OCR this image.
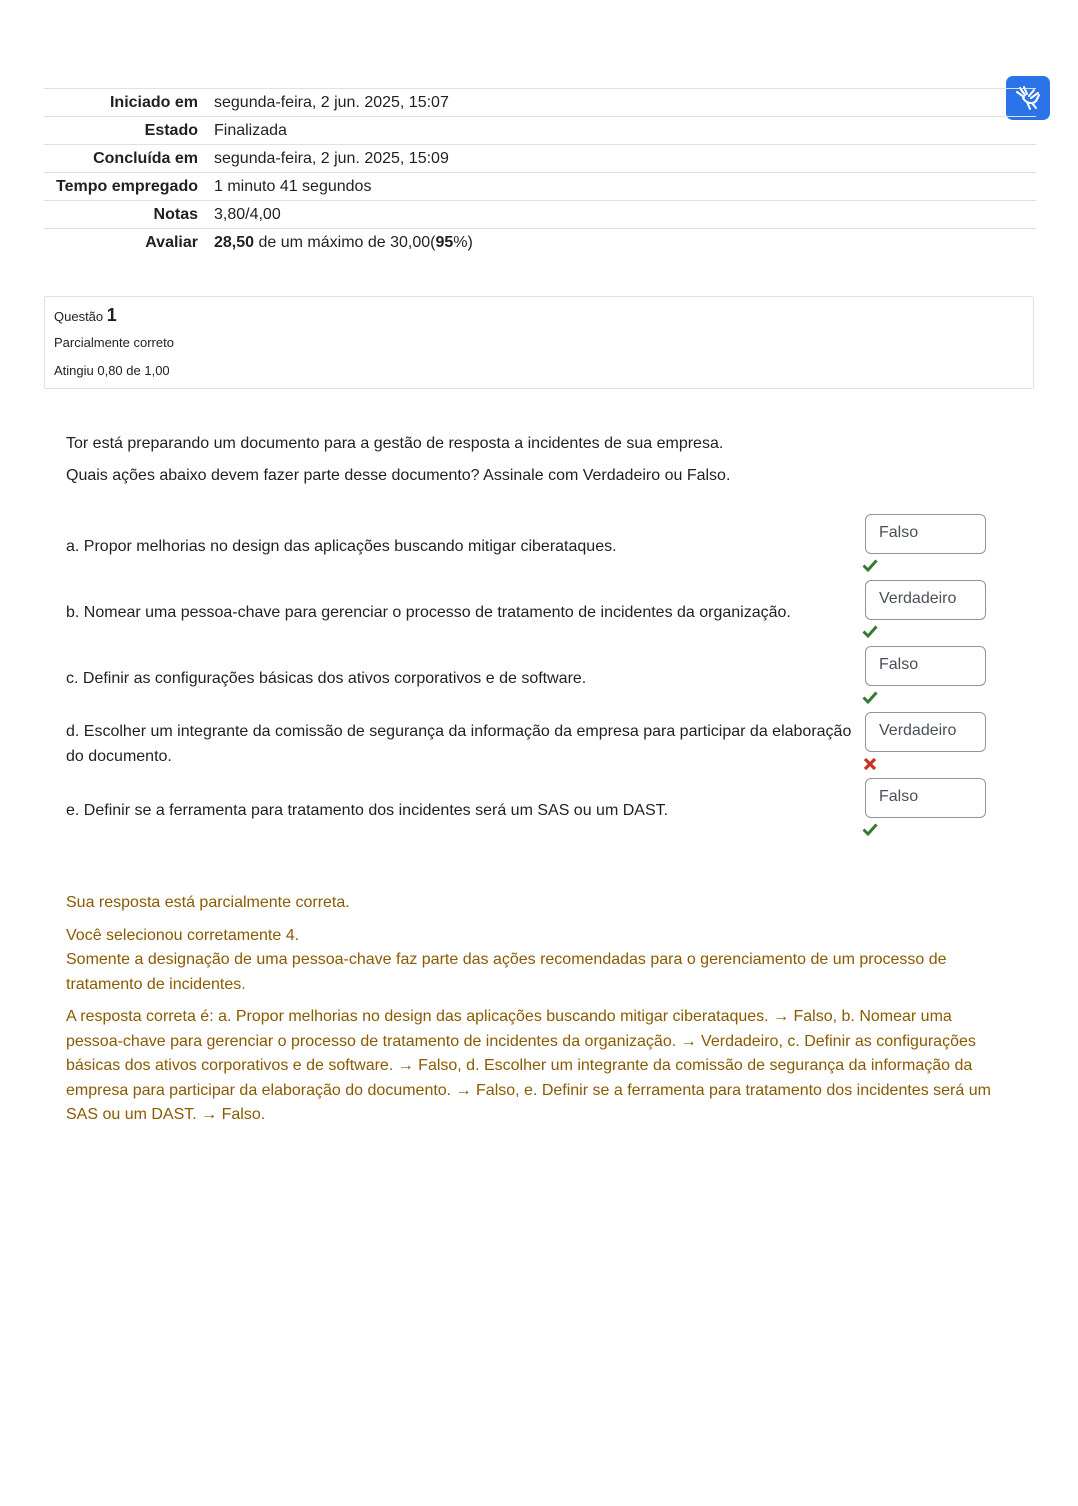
Iniciado em	segunda-feira, 2 jun. 2025, 15:07
Estado	Finalizada
Concluída em	segunda-feira, 2 jun. 2025, 15:09
Tempo empregado	1 minuto 41 segundos
Notas	3,80/4,00
Avaliar	28,50 de um máximo de 30,00(95%)
Questão 1
Parcialmente correto
Atingiu 0,80 de 1,00
Tor está preparando um documento para a gestão de resposta a incidentes de sua empresa.
Quais ações abaixo devem fazer parte desse documento? Assinale com Verdadeiro ou Falso.
a. Propor melhorias no design das aplicações buscando mitigar ciberataques.
Falso
b. Nomear uma pessoa-chave para gerenciar o processo de tratamento de incidentes da organização.
Verdadeiro
c. Definir as configurações básicas dos ativos corporativos e de software.
Falso
d. Escolher um integrante da comissão de segurança da informação da empresa para participar da elaboração do documento.
Verdadeiro
e. Definir se a ferramenta para tratamento dos incidentes será um SAS ou um DAST.
Falso
Sua resposta está parcialmente correta.
Você selecionou corretamente 4.
Somente a designação de uma pessoa-chave faz parte das ações recomendadas para o gerenciamento de um processo de tratamento de incidentes.
A resposta correta é: a. Propor melhorias no design das aplicações buscando mitigar ciberataques. → Falso, b. Nomear uma pessoa-chave para gerenciar o processo de tratamento de incidentes da organização. → Verdadeiro, c. Definir as configurações básicas dos ativos corporativos e de software. → Falso, d. Escolher um integrante da comissão de segurança da informação da empresa para participar da elaboração do documento. → Falso, e. Definir se a ferramenta para tratamento dos incidentes será um SAS ou um DAST. → Falso.
